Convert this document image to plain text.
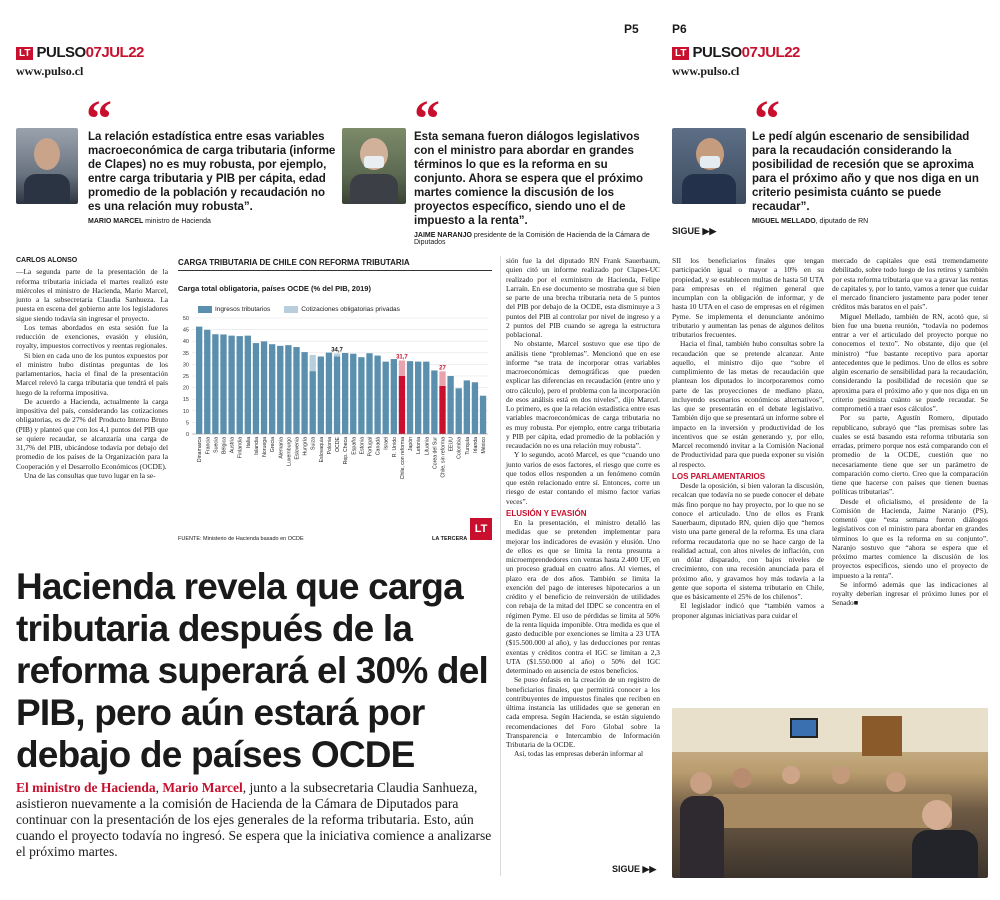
LT PULSO07JUL22
www.pulso.cl
P5	P6
LT PULSO07JUL22
www.pulso.cl
“
La relación estadística entre esas variables macroeconómica de carga tributaria (informe de Clapes) no es muy robusta, por ejemplo, entre carga tributaria y PIB per cápita, edad promedio de la población y recaudación no es una relación muy robusta”.
MARIO MARCEL ministro de Hacienda
“
Esta semana fueron diálogos legislativos con el ministro para abordar en grandes términos lo que es la reforma en su conjunto. Ahora se espera que el próximo martes comience la discusión de los proyectos específico, siendo uno el de impuesto a la renta”.
JAIME NARANJO presidente de la Comisión de Hacienda de la Cámara de Diputados
“
Le pedí algún escenario de sensibilidad para la recaudación considerando la posibilidad de recesión que se aproxima para el próximo año y que nos diga en un criterio pesimista cuánto se puede recaudar”.
MIGUEL MELLADO, diputado de RN
SIGUE ▶▶
CARLOS ALONSO

—La segunda parte de la presentación de la reforma tributaria iniciada el martes realizó este miércoles el ministro de Hacienda, Mario Marcel, junto a la subsecretaria Claudia Sanhueza. La puesta en escena del gobierno ante los legisladores sigue siendo todavía sin ingresar el proyecto.

Los temas abordados en esta sesión fue la reducción de exenciones, evasión y elusión, royalty, impuestos correctivos y reentas regionales.

Si bien en cada uno de los puntos expuestos por el ministro hubo distintas preguntas de los parlamentarios, hacia el final de la presentación Marcel relevó la carga tributaria que tendrá el país luego de la reforma impositiva.

De acuerdo a Hacienda, actualmente la carga impositiva del país, considerando las cotizaciones obligatorias, es de 27% del Producto Interno Bruto (PIB) y planteó que con los 4,1 puntos del PIB que se quiere recaudar, se alcanzaría una carga de 31,7% del PIB, ubicándose todavía por debajo del promedio de los países de la Organización para la Cooperación y el Desarrollo Económicos (OCDE).

Una de las consultas que tuvo lugar en la se-

CARGA TRIBUTARIA DE CHILE CON REFORMA TRIBUTARIA
Carga total obligatoria, países OCDE (% del PIB, 2019)
Ingresos tributarios
	Cotizaciones obligatorias privadas
0
5
10
15
20
25
30
35
40
45
50
Dinamarca Francia Suecia Bélgica Austria Finlandia Italia Islandia Noruega Grecia Alemania Luxemburgo Eslovenia Hungría Suiza Eslovaquia Polonia
34,7
OCDE Rep. Checa España Estonia Portugal Canadá Israel R. Unido
31,7
Chile, con reforma Japón Letonia Lituania Corea del Sur
27
Chile, sin reforma EEUU Colombia Turquía Irlanda México
FUENTE: Ministerio de Hacienda basado en OCDE	LA TERCERA
LT

sión fue la del diputado RN Frank Sauerbaum, quien citó un informe realizado por Clapes-UC realizado por el exministro de Hacienda, Felipe Larraín. En ese documento se mostraba que si bien se parte de una brecha tributaria neta de 5 puntos del PIB por debajo de la OCDE, esta disminuye a 3 puntos del PIB al controlar por nivel de ingreso y a 2 puntos del PIB cuando se agrega la estructura poblacional.

No obstante, Marcel sostuvo que ese tipo de análisis tiene “problemas”. Mencionó que en ese informe “se trata de incorporar otras variables macroeconómicas demográficas que pueden explicar las diferencias en recaudación (entre uno y otro cálculo), pero el problema con la incorporación de esos análisis está en dos niveles”, dijo Marcel. Lo primero, es que la relación estadística entre esas variables macroeconómicas de carga tributaria no es muy robusta. Por ejemplo, entre carga tributaria y PIB per cápita, edad promedio de la población y recaudación no es una relación muy robusta”.

Y lo segundo, acotó Marcel, es que “cuando uno junto varios de esos factores, el riesgo que corre es que todos ellos responden a un fenómeno común que estén relacionado entre sí. Entonces, corre un riesgo de estar contando el mismo factor varias veces”.

ELUSIÓN Y EVASIÓN

En la presentación, el ministro detalló las medidas que se pretenden implementar para mejorar los indicadores de evasión y elusión. Uno de ellos es que se limita la renta presunta a microemprendedores con ventas hasta 2.400 UF, en un proceso gradual en cuatro años. Al viernes, el plazo era de dos años. También se limita la exención del pago de intereses hipotecarios a un crédito y el beneficio de reinversión de utilidades con rebaja de la mitad del IDPC se concentra en el régimen Pyme. El uso de pérdidas se limita al 50% de la renta líquida imponible. Otra medida es que el gasto deducible por exenciones se limita a 23 UTA ($15.500.000 al año), y las deducciones por rentas exentas y créditos contra el IGC se limitan a 2,3 UTA ($1.550.000 al año) o 50% del IGC determinado en ausencia de estos beneficios.

Se puso énfasis en la creación de un registro de beneficiarios finales, que permitirá conocer a los contribuyentes de impuestos finales que reciben en última instancia las utilidades que se generan en cada empresa. Según Hacienda, se están siguiendo recomendaciones del Foro Global sobre la Transparencia e Intercambio de Información Tributaria de la OCDE.

Así, todas las empresas deberán informar al

SII los beneficiarios finales que tengan participación igual o mayor a 10% en su propiedad, y se establecen multas de hasta 50 UTA para empresas en el régimen general que incumplan con la obligación de informar, y de hasta 10 UTA en el caso de empresas en el régimen Pyme. Se implementa el denunciante anónimo tributario y aumentan las penas de algunos delitos tributarios frecuentes.

Hacia el final, también hubo consultas sobre la recaudación que se pretende alcanzar. Ante aquello, el ministro dijo que “sobre el cumplimiento de las metas de recaudación que plantean los diputados lo incorporaremos como parte de las proyecciones de mediano plazo, incluyendo escenarios económicos alternativos”, las que se presentarán en el debate legislativo. También dijo que se presentará un informe sobre el impacto en la inversión y productividad de los incentivos que se están generando y, por ello, Marcel recomendó invitar a la Comisión Nacional de Productividad para que pueda exponer su visión al respecto.

LOS PARLAMENTARIOS

Desde la oposición, si bien valoran la discusión, recalcan que todavía no se puede conocer el debate más fino porque no hay proyecto, por lo que no se conoce el articulado. Uno de ellos es Frank Sauerbaum, diputado RN, quien dijo que “hemos visto una parte general de la reforma. Es una clara reforma recaudatoria que no se hace cargo de la realidad actual, con altos niveles de inflación, con un dólar disparado, con bajos niveles de crecimiento, con una recesión anunciada para el próximo año, y gravamos hoy más todavía a la gente que soporta el sistema tributario en Chile, que es básicamente el 25% de los chilenos”.

El legislador indicó que “también vamos a proponer algunas iniciativas para cuidar el

mercado de capitales que está tremendamente debilitado, sobre todo luego de los retiros y también por esta reforma tributaria que va a gravar las rentas de capitales y, por lo tanto, vamos a tener que cuidar el mercado financiero justamente para poder tener créditos más baratos en el país”.

Miguel Mellado, también de RN, acotó que, si bien fue una buena reunión, “todavía no podemos entrar a ver el articulado del proyecto porque no conocemos el texto”. No obstante, dijo que (el ministro) “fue bastante receptivo para aportar antecedentes que le pedimos. Uno de ellos es sobre algún escenario de sensibilidad para la recaudación, considerando la posibilidad de recesión que se aproxima para el próximo año y que nos diga en un criterio pesimista cuánto se puede recaudar. Se comprometió a traer esos cálculos”.

Por su parte, Agustín Romero, diputado republicano, subrayó que “las premisas sobre las cuales se está basando esta reforma tributaria son erradas, primero porque nos está comparando con el promedio de la OCDE, cuestión que no necesariamente tiene que ser un parámetro de comparación como cierto. Creo que la comparación tiene que hacerse con países que tienen buenas políticas tributarias”.

Desde el oficialismo, el presidente de la Comisión de Hacienda, Jaime Naranjo (PS), comentó que “esta semana fueron diálogos legislativos con el ministro para abordar en grandes términos lo que es la reforma en su conjunto”. Naranjo sostuvo que “ahora se espera que el próximo martes comience la discusión de los proyectos específicos, siendo uno el proyecto de impuesto a la renta”.

Se informó además que las indicaciones al royalty deberían ingresar el próximo lunes por el Senado■

Hacienda revela que carga tributaria después de la reforma superará el 30% del PIB, pero aún estará por debajo de países OCDE
El ministro de Hacienda, Mario Marcel, junto a la subsecretaria Claudia Sanhueza, asistieron nuevamente a la comisión de Hacienda de la Cámara de Diputados para continuar con la presentación de los ejes generales de la reforma tributaria. Esto, aún cuando el proyecto todavía no ingresó. Se espera que la iniciativa comience a analizarse el próximo martes.
SIGUE ▶▶
